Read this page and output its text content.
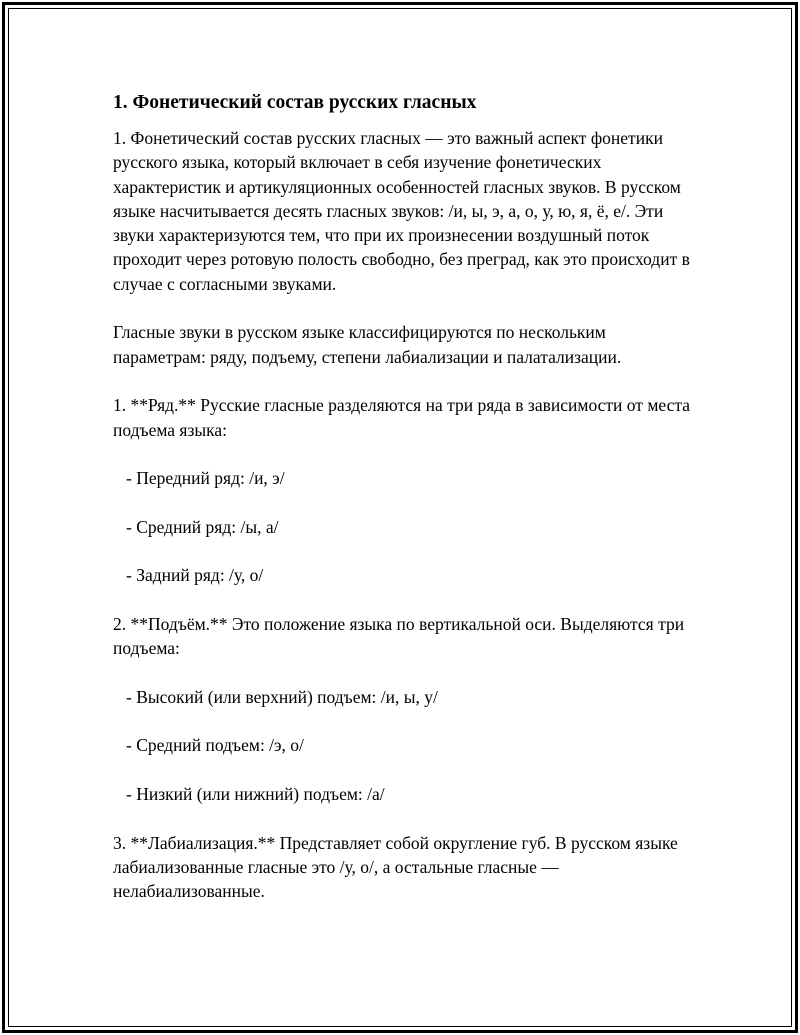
1. Фонетический состав русских гласных

1. Фонетический состав русских гласных — это важный аспект фонетики русского языка, который включает в себя изучение фонетических характеристик и артикуляционных особенностей гласных звуков. В русском языке насчитывается десять гласных звуков: /и, ы, э, а, о, у, ю, я, ё, е/. Эти звуки характеризуются тем, что при их произнесении воздушный поток проходит через ротовую полость свободно, без преград, как это происходит в случае с согласными звуками.

Гласные звуки в русском языке классифицируются по нескольким параметрам: ряду, подъему, степени лабиализации и палатализации.

1. **Ряд.** Русские гласные разделяются на три ряда в зависимости от места подъема языка:

- Передний ряд: /и, э/

- Средний ряд: /ы, а/

- Задний ряд: /у, о/

2. **Подъём.** Это положение языка по вертикальной оси. Выделяются три подъема:

- Высокий (или верхний) подъем: /и, ы, у/

- Средний подъем: /э, о/

- Низкий (или нижний) подъем: /а/

3. **Лабиализация.** Представляет собой округление губ. В русском языке лабиализованные гласные это /у, о/, а остальные гласные — нелабиализованные.
